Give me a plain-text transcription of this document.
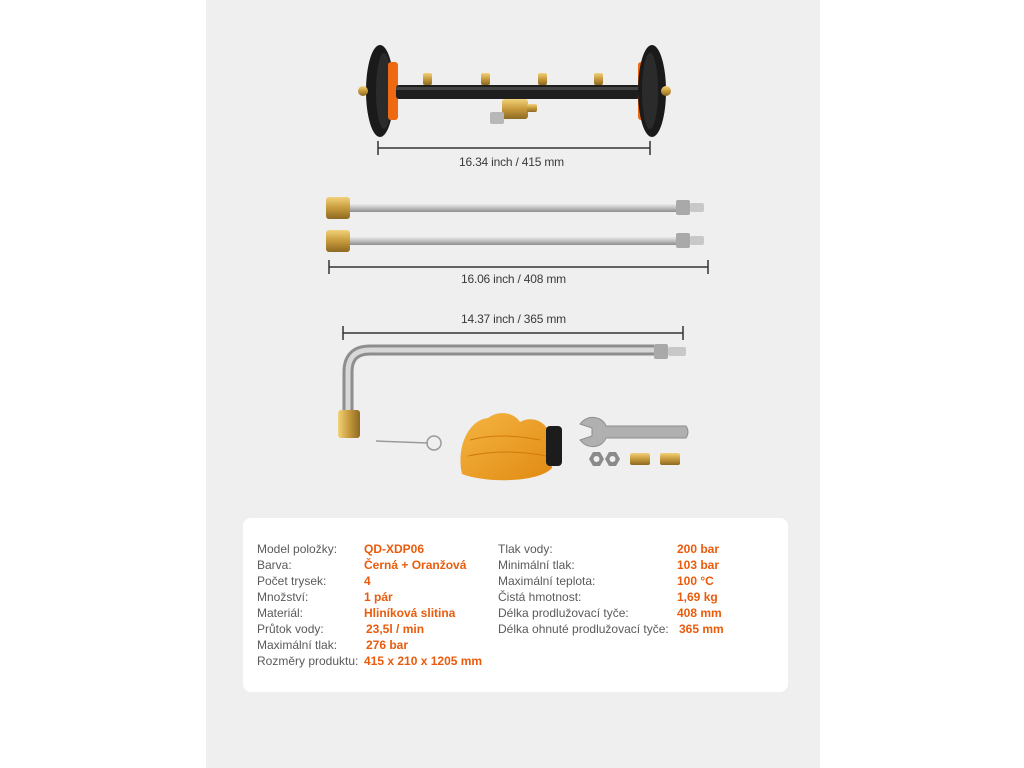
16.34 inch / 415 mm
16.06 inch / 408 mm
14.37 inch / 365 mm
Model položky: QD-XDP06
Barva:	Černá + Oranžová
Počet trysek:	4
Množství:	1 pár
Materiál:	Hliníková slitina
Průtok vody:	23,5l / min
Maximální tlak: 276 bar
Rozměry produktu: 415 x 210 x 1205 mm
Tlak vody:	200 bar
Minimální tlak:	103 bar
Maximální teplota:	100 °C
Čistá hmotnost:	1,69 kg
Délka prodlužovací tyče:	408 mm
Délka ohnuté prodlužovací tyče: 365 mm
